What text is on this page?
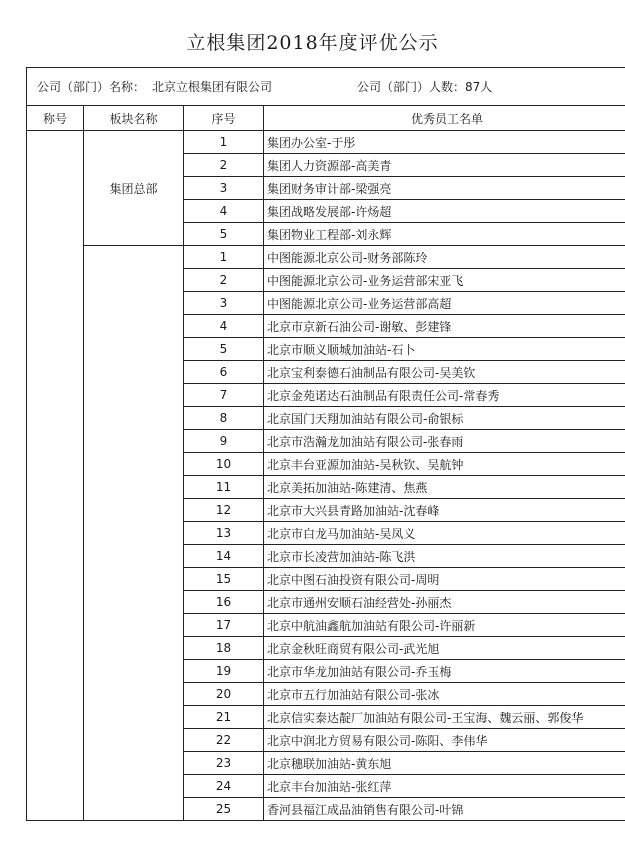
立根集团2018年度评优公示
公司（部门）名称： 北京立根集团有限公司 公司（部门）人数：87人			

称号	板块名称	序号	优秀员工名单
	集团总部	1	集团办公室-于彤
		2	集团人力资源部-高美青
		3	集团财务审计部-梁强亮
		4	集团战略发展部-许炀超
		5	集团物业工程部-刘永辉
		1	中图能源北京公司-财务部陈玲
		2	中图能源北京公司-业务运营部宋亚飞
		3	中图能源北京公司-业务运营部高超
		4	北京市京新石油公司-谢敏、彭建锋
		5	北京市顺义顺城加油站-石卜
		6	北京宝利泰德石油制品有限公司-吴美钦
		7	北京金苑诺达石油制品有限责任公司-常春秀
		8	北京国门天翔加油站有限公司-俞银标
		9	北京市浩瀚龙加油站有限公司-张春雨
		10	北京丰台亚源加油站-吴秋钦、吴航钟
		11	北京美拓加油站-陈建清、焦燕
		12	北京市大兴县青路加油站-沈春峰
		13	北京市白龙马加油站-吴凤义
		14	北京市长凌营加油站-陈飞洪
		15	北京中图石油投资有限公司-周明
		16	北京市通州安顺石油经营处-孙丽杰
		17	北京中航油鑫航加油站有限公司-许丽新
		18	北京金秋旺商贸有限公司-武光旭
		19	北京市华龙加油站有限公司-乔玉梅
		20	北京市五行加油站有限公司-张冰
		21	北京信实泰达靛厂加油站有限公司-王宝海、魏云丽、郭俊华
		22	北京中润北方贸易有限公司-陈阳、李伟华
		23	北京穗联加油站-黄东旭
		24	北京丰台加油站-张红萍
		25	香河县福江成品油销售有限公司-叶锦
